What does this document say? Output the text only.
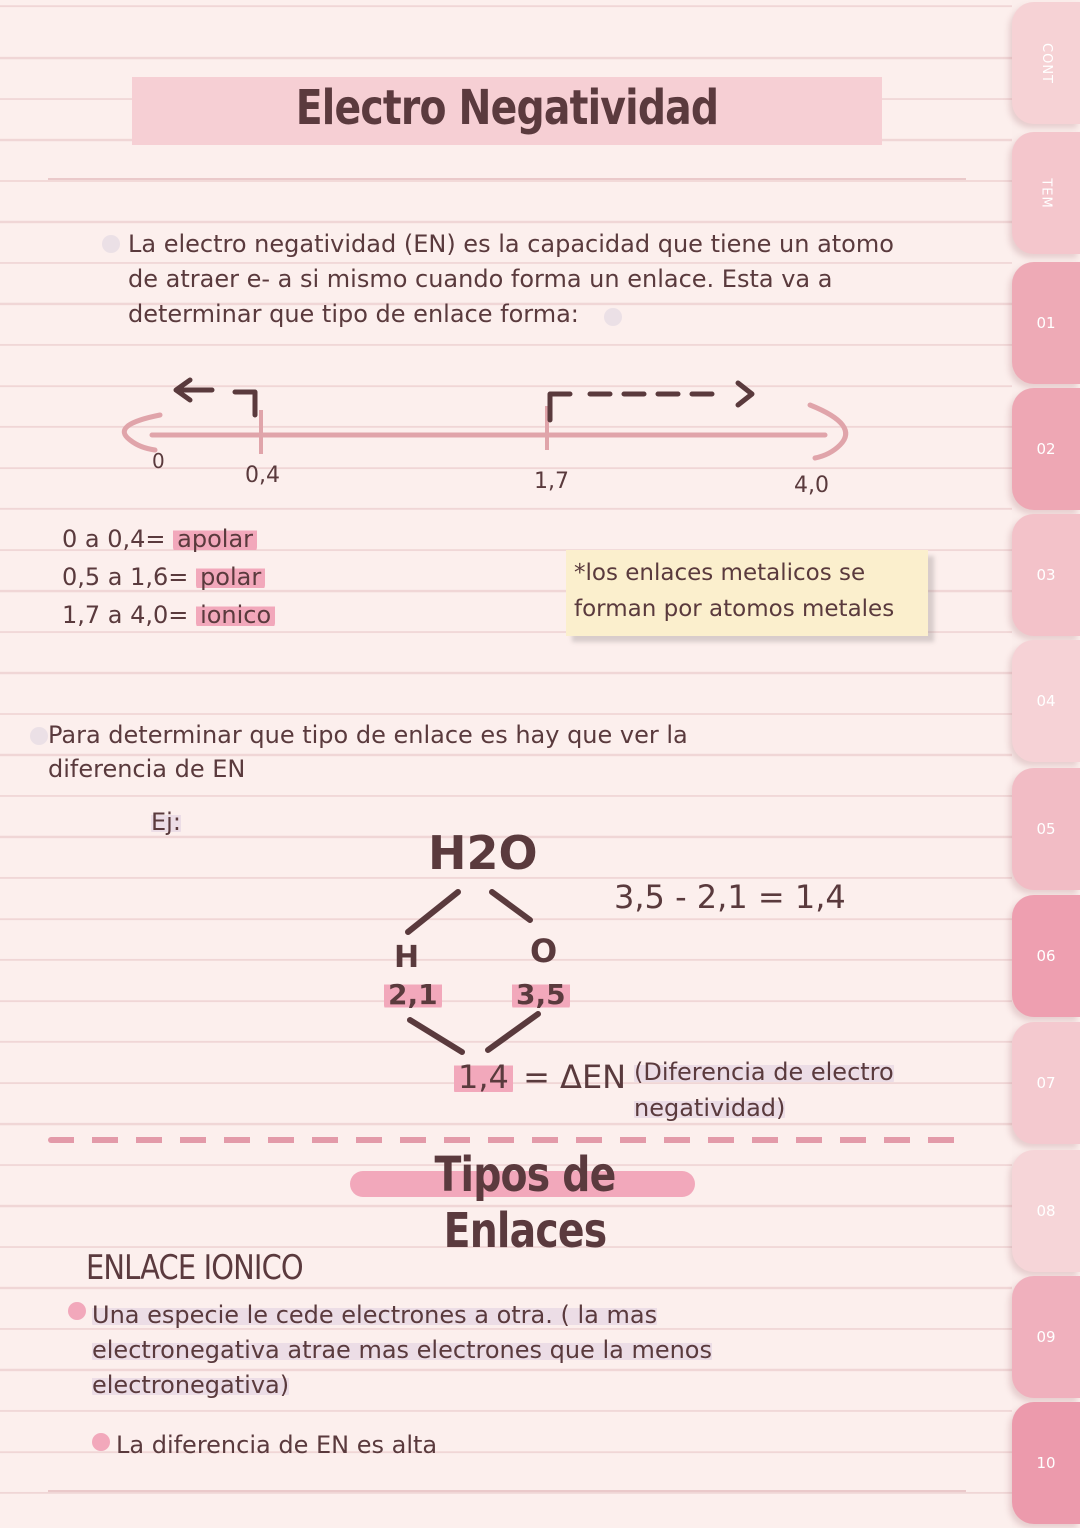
Electro Negatividad
La electro negatividad (EN) es la capacidad que tiene un atomo
de atraer e- a si mismo cuando forma un enlace. Esta va a
determinar que tipo de enlace forma:
0
0,4	1,7	4,0
0 a 0,4= apolar
0,5 a 1,6= polar
1,7 a 4,0= ionico
*los enlaces metalicos se
forman por atomos metales
Para determinar que tipo de enlace es hay que ver la
diferencia de EN
Ej:
H2O
3,5 - 2,1 = 1,4
H
2,1
O
3,5
1,4 = ΔEN (Diferencia de electro
negatividad)
Tipos de Enlaces
ENLACE IONICO
Una especie le cede electrones a otra. ( la mas
electronegativa atrae mas electrones que la menos
electronegativa)
La diferencia de EN es alta
CONT
TEM
01
02
03
04
05
06
07
08
09
10
